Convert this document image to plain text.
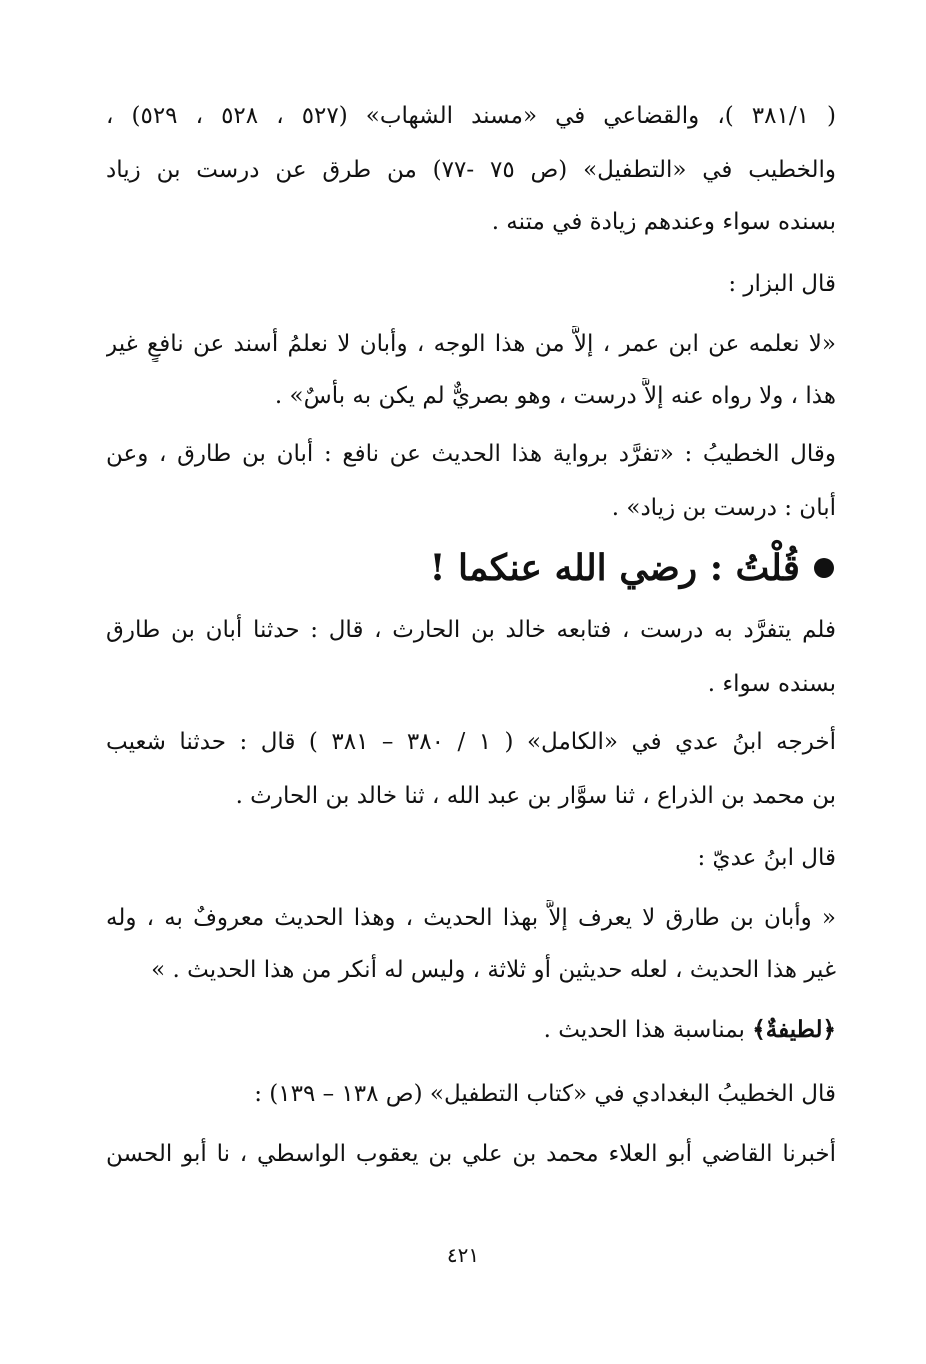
( ٣٨١/١ )، والقضاعي في «مسند الشهاب» (٥٢٧ ، ٥٢٨ ، ٥٢٩) ،
والخطيب في «التطفيل» (ص ٧٥ -٧٧) من طرق عن درست بن زياد
بسنده سواء وعندهم زيادة في متنه .
قال البزار :
«لا نعلمه عن ابن عمر ، إلاَّ من هذا الوجه ، وأبان لا نعلمُ أسند عن نافعٍ غير
هذا ، ولا رواه عنه إلاَّ درست ، وهو بصريٌّ لم يكن به بأسٌ» .
وقال الخطيبُ : «تفرَّد برواية هذا الحديث عن نافع : أبان بن طارق ، وعن
أبان : درست بن زياد» .
قُلْتُ : رضي الله عنكما !
فلم يتفرَّد به درست ، فتابعه خالد بن الحارث ، قال : حدثنا أبان بن طارق
بسنده سواء .
أخرجه ابنُ عدي في «الكامل» ( ١ / ٣٨٠ – ٣٨١ ) قال : حدثنا شعيب
بن محمد بن الذراع ، ثنا سوَّار بن عبد الله ، ثنا خالد بن الحارث .
قال ابنُ عديّ :
« وأبان بن طارق لا يعرف إلاَّ بهذا الحديث ، وهذا الحديث معروفٌ به ، وله
غير هذا الحديث ، لعله حديثين أو ثلاثة ، وليس له أنكر من هذا الحديث . »
﴿لطيفةٌ﴾ بمناسبة هذا الحديث .
قال الخطيبُ البغدادي في «كتاب التطفيل» (ص ١٣٨ – ١٣٩) :
أخبرنا القاضي أبو العلاء محمد بن علي بن يعقوب الواسطي ، نا أبو الحسن
٤٢١
